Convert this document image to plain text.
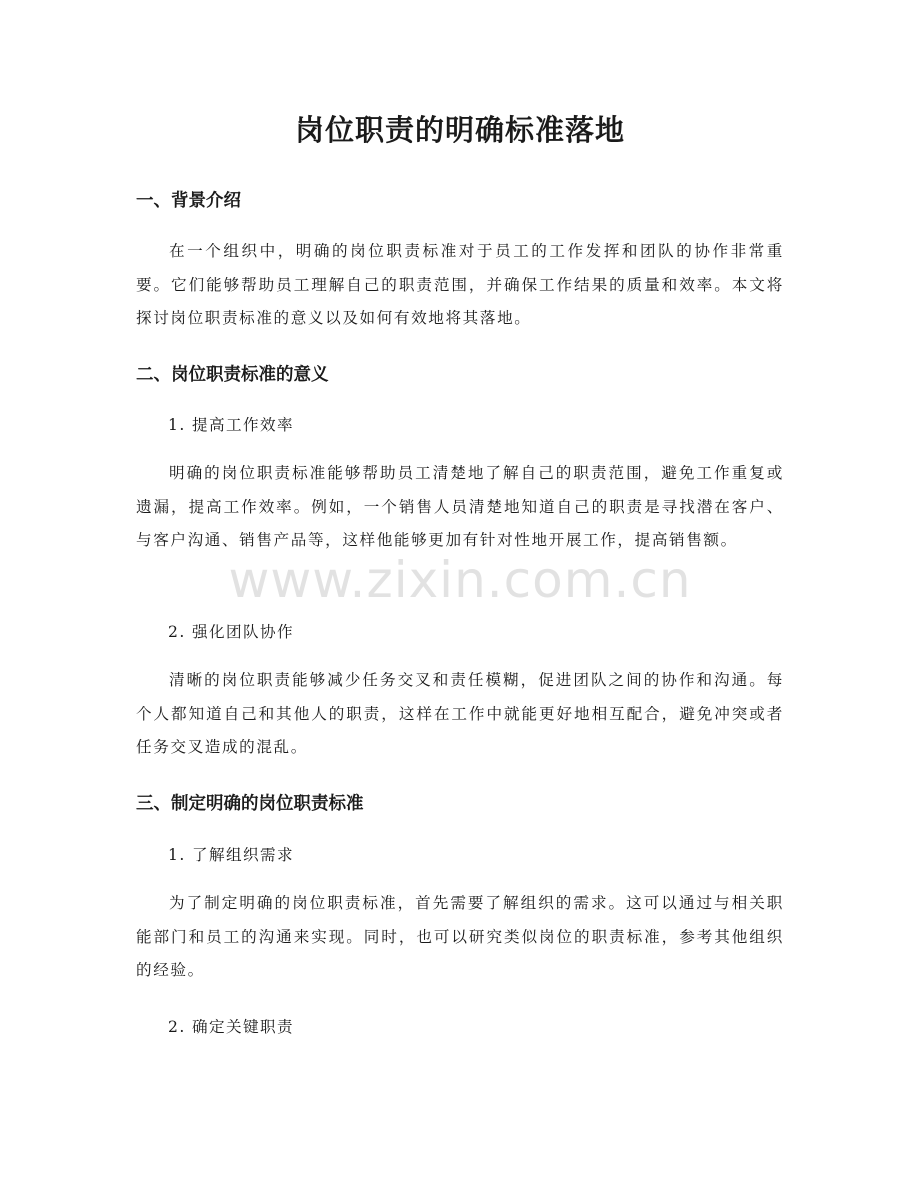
岗位职责的明确标准落地
一、背景介绍

在一个组织中，明确的岗位职责标准对于员工的工作发挥和团队的协作非常重要。它们能够帮助员工理解自己的职责范围，并确保工作结果的质量和效率。本文将探讨岗位职责标准的意义以及如何有效地将其落地。

二、岗位职责标准的意义

1. 提高工作效率

明确的岗位职责标准能够帮助员工清楚地了解自己的职责范围，避免工作重复或遗漏，提高工作效率。例如，一个销售人员清楚地知道自己的职责是寻找潜在客户、与客户沟通、销售产品等，这样他能够更加有针对性地开展工作，提高销售额。

2. 强化团队协作

清晰的岗位职责能够减少任务交叉和责任模糊，促进团队之间的协作和沟通。每个人都知道自己和其他人的职责，这样在工作中就能更好地相互配合，避免冲突或者任务交叉造成的混乱。

三、制定明确的岗位职责标准

1. 了解组织需求

为了制定明确的岗位职责标准，首先需要了解组织的需求。这可以通过与相关职能部门和员工的沟通来实现。同时，也可以研究类似岗位的职责标准，参考其他组织的经验。

2. 确定关键职责

www.zixin.com.cn
